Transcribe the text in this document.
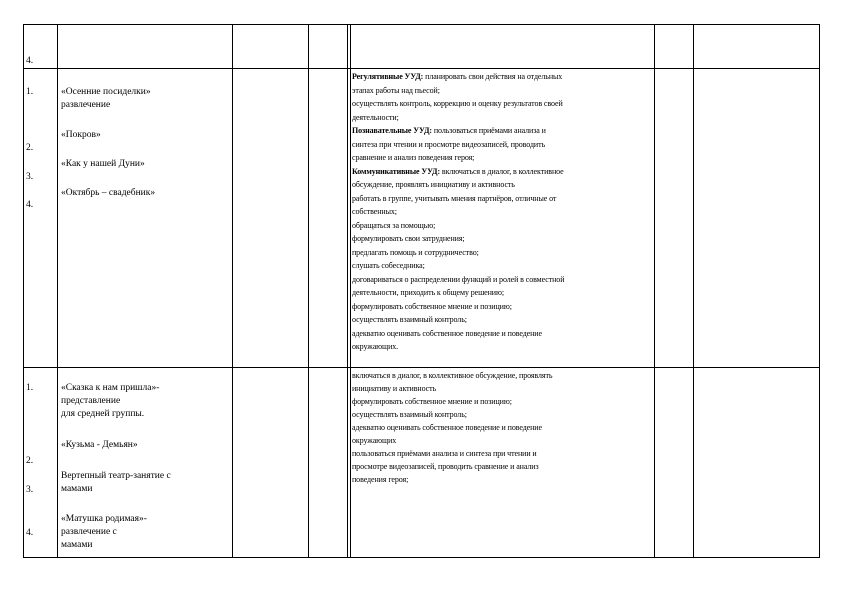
4.
1.
2.
3.
4.
«Осенние посиделки»
развлечение
«Покров»
«Как у нашей Дуни»
«Октябрь – свадебник»
Регулятивные УУД: планировать свои действия на отдельных
этапах работы над пьесой;
осуществлять контроль, коррекцию и оценку результатов своей
деятельности;
Познавательные УУД: пользоваться приёмами анализа и
синтеза при чтении и просмотре видеозаписей, проводить
сравнение и анализ поведения героя;
Коммуникативные УУД: включаться в диалог, в коллективное
обсуждение, проявлять инициативу и активность
работать в группе, учитывать мнения партнёров, отличные от
собственных;
обращаться за помощью;
формулировать свои затруднения;
предлагать помощь и сотрудничество;
слушать собеседника;
договариваться о распределении функций и ролей в совместной
деятельности, приходить к общему решению;
формулировать собственное мнение и позицию;
осуществлять взаимный контроль;
адекватно оценивать собственное поведение и поведение
окружающих.
1.
2.
3.
4.
«Сказка к нам пришла»-
представление
для средней группы.
«Кузьма - Демьян»
Вертепный театр-занятие с
мамами
«Матушка родимая»-
развлечение с
мамами
включаться в диалог, в коллективное обсуждение, проявлять
инициативу и активность
формулировать собственное мнение и позицию;
осуществлять взаимный контроль;
адекватно оценивать собственное поведение и поведение
окружающих
пользоваться приёмами анализа и синтеза при чтении и
просмотре видеозаписей, проводить сравнение и анализ
поведения героя;
